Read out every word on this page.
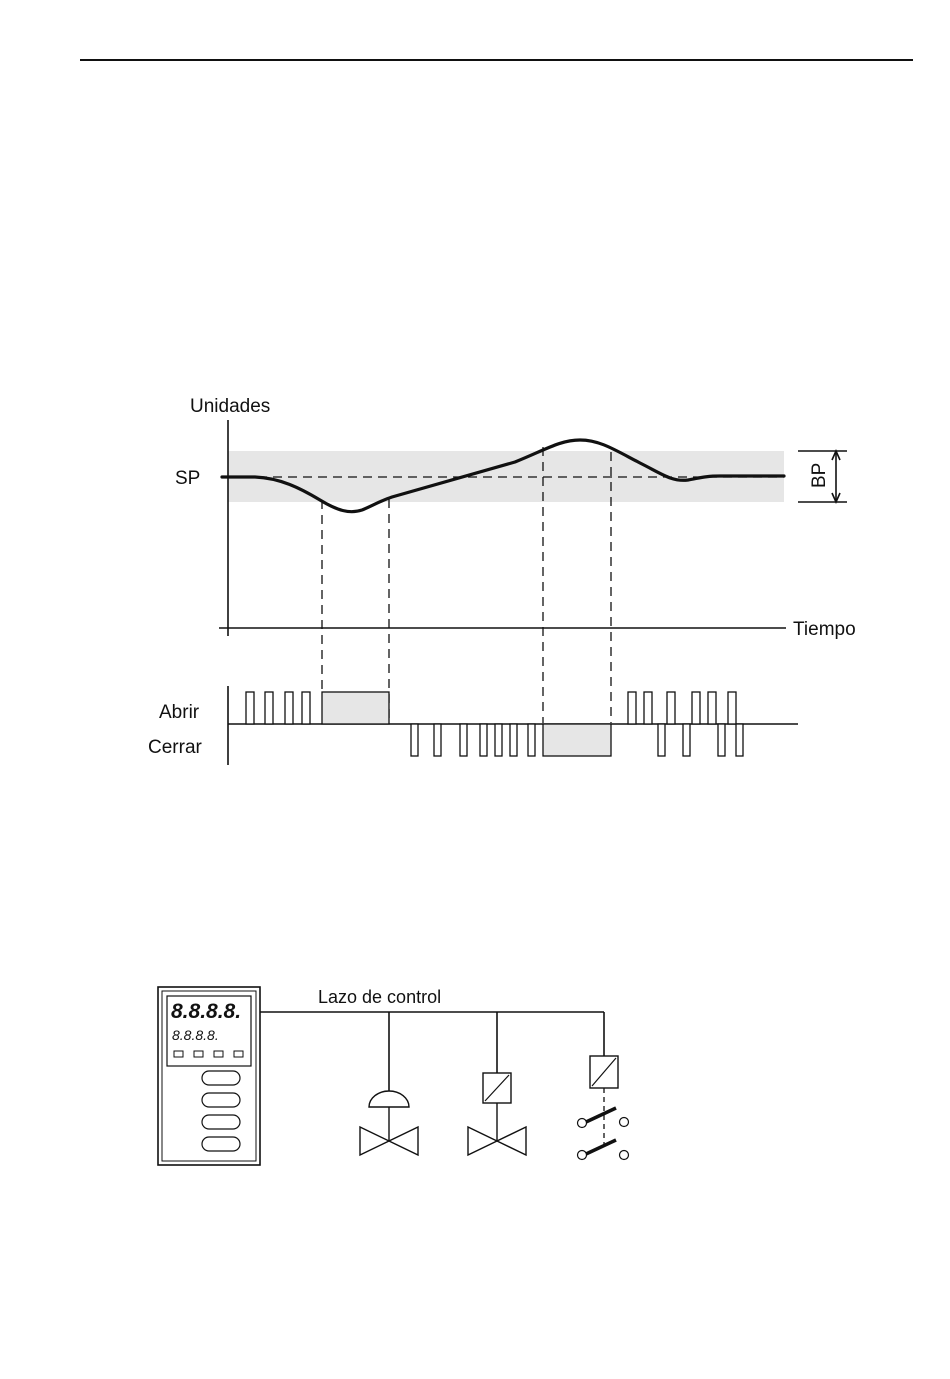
Unidades
SP
Tiempo
BP
Abrir
Cerrar
8.8.8.8.
8.8.8.8.
Lazo de control
